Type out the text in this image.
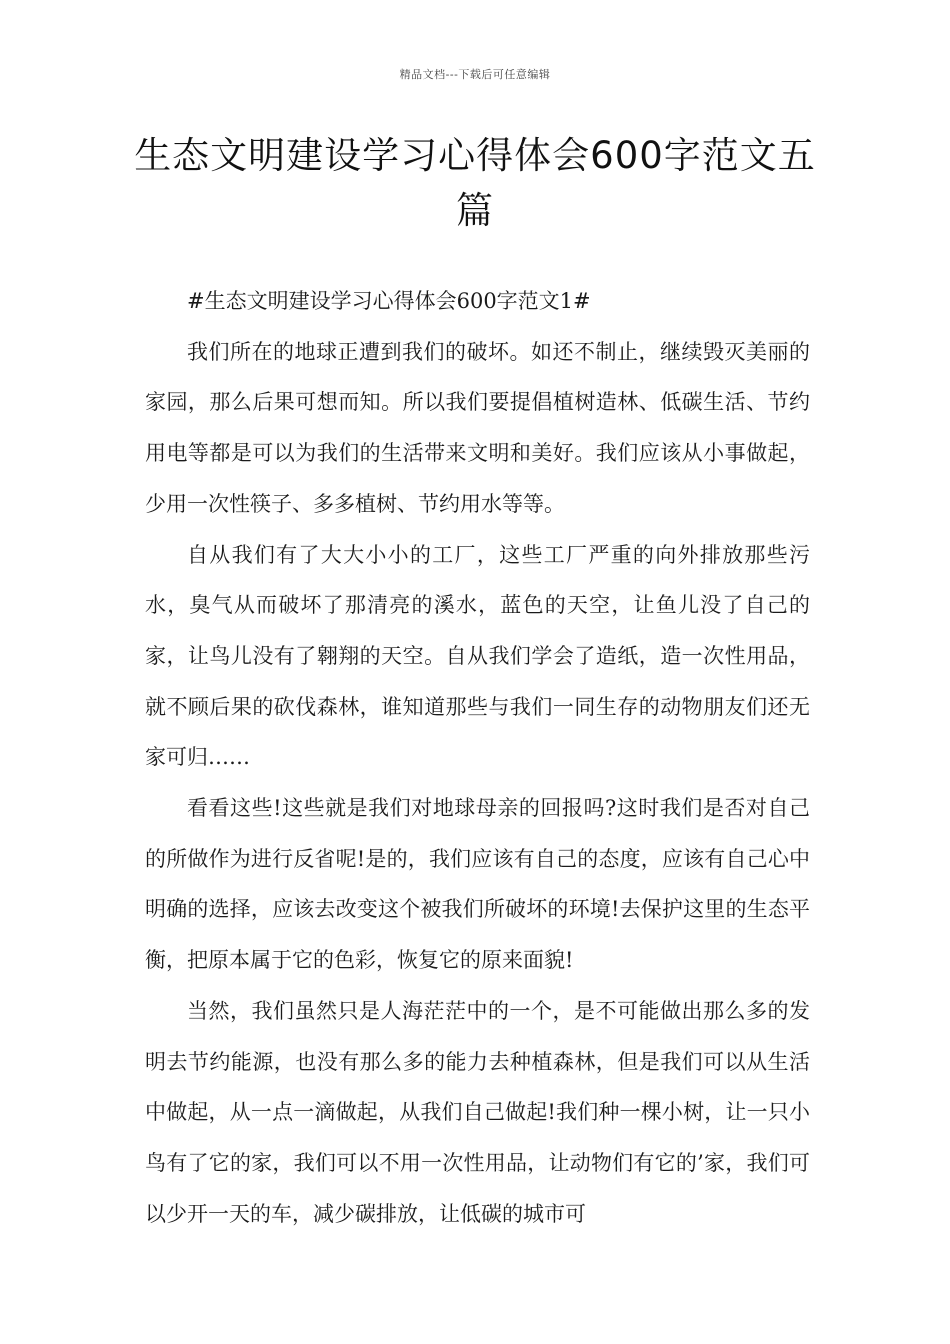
精品文档---下载后可任意编辑
生态文明建设学习心得体会600字范文五篇

#生态文明建设学习心得体会600字范文1#

我们所在的地球正遭到我们的破坏。如还不制止，继续毁灭美丽的家园，那么后果可想而知。所以我们要提倡植树造林、低碳生活、节约用电等都是可以为我们的生活带来文明和美好。我们应该从小事做起，少用一次性筷子、多多植树、节约用水等等。

自从我们有了大大小小的工厂，这些工厂严重的向外排放那些污水，臭气从而破坏了那清亮的溪水，蓝色的天空，让鱼儿没了自己的家，让鸟儿没有了翱翔的天空。自从我们学会了造纸，造一次性用品，就不顾后果的砍伐森林，谁知道那些与我们一同生存的动物朋友们还无家可归……

看看这些!这些就是我们对地球母亲的回报吗?这时我们是否对自己的所做作为进行反省呢!是的，我们应该有自己的态度，应该有自己心中明确的选择，应该去改变这个被我们所破坏的环境!去保护这里的生态平衡，把原本属于它的色彩，恢复它的原来面貌!

当然，我们虽然只是人海茫茫中的一个，是不可能做出那么多的发明去节约能源，也没有那么多的能力去种植森林，但是我们可以从生活中做起，从一点一滴做起，从我们自己做起!我们种一棵小树，让一只小鸟有了它的家，我们可以不用一次性用品，让动物们有它的’家，我们可以少开一天的车，减少碳排放，让低碳的城市可
